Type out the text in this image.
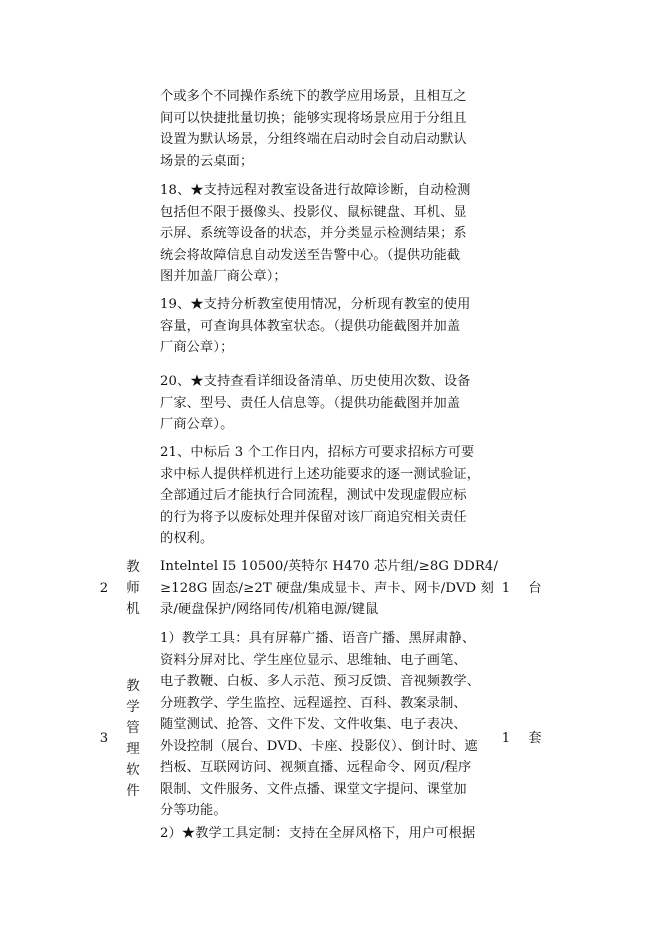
个或多个不同操作系统下的教学应用场景，且相互之
间可以快捷批量切换；能够实现将场景应用于分组且
设置为默认场景，分组终端在启动时会自动启动默认
场景的云桌面；
18、★支持远程对教室设备进行故障诊断，自动检测
包括但不限于摄像头、投影仪、鼠标键盘、耳机、显
示屏、系统等设备的状态，并分类显示检测结果；系
统会将故障信息自动发送至告警中心。（提供功能截
图并加盖厂商公章）；
19、★支持分析教室使用情况，分析现有教室的使用
容量，可查询具体教室状态。（提供功能截图并加盖
厂商公章）；
20、★支持查看详细设备清单、历史使用次数、设备
厂家、型号、责任人信息等。（提供功能截图并加盖
厂商公章）。
21、中标后 3 个工作日内，招标方可要求招标方可要
求中标人提供样机进行上述功能要求的逐一测试验证，
全部通过后才能执行合同流程，测试中发现虚假应标
的行为将予以废标处理并保留对该厂商追究相关责任
的权利。
2
教
师
机
Intelntel I5 10500/英特尔 H470 芯片组/≥8G DDR4/
≥128G 固态/≥2T 硬盘/集成显卡、声卡、网卡/DVD 刻
录/硬盘保护/网络同传/机箱电源/键鼠
1 台
3
教
学
管
理
软
件
1）教学工具：具有屏幕广播、语音广播、黑屏肃静、
资料分屏对比、学生座位显示、思维轴、电子画笔、
电子教鞭、白板、多人示范、预习反馈、音视频教学、
分班教学、学生监控、远程遥控、百科、教案录制、
随堂测试、抢答、文件下发、文件收集、电子表决、
外设控制（展台、DVD、卡座、投影仪）、倒计时、遮
挡板、互联网访问、视频直播、远程命令、网页/程序
限制、文件服务、文件点播、课堂文字提问、课堂加
分等功能。
2）★教学工具定制：支持在全屏风格下，用户可根据
1 套
